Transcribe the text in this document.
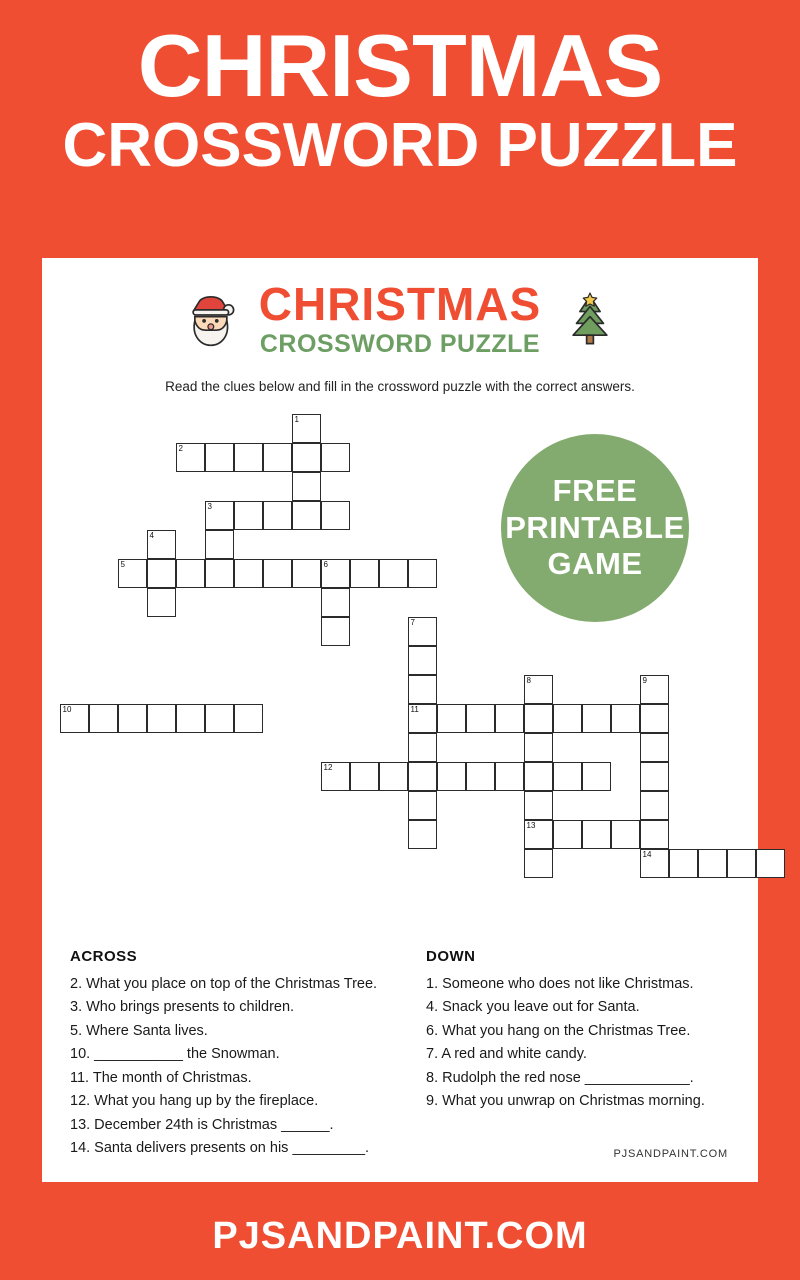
CHRISTMAS
CROSSWORD PUZZLE
CHRISTMAS
CROSSWORD PUZZLE
Read the clues below and fill in the crossword puzzle with the correct answers.
1
2
3
4
5	6
7
8	9
10	11
12
13
14
FREE
PRINTABLE
GAME
ACROSS
2. What you place on top of the Christmas Tree.
3. Who brings presents to children.
5. Where Santa lives.
10. ___________ the Snowman.
11. The month of Christmas.
12. What you hang up by the fireplace.
13. December 24th is Christmas ______.
14. Santa delivers presents on his _________.
DOWN
1. Someone who does not like Christmas.
4. Snack you leave out for Santa.
6. What you hang on the Christmas Tree.
7. A red and white candy.
8. Rudolph the red nose _____________.
9. What you unwrap on Christmas morning.
PJSANDPAINT.COM
PJSANDPAINT.COM
